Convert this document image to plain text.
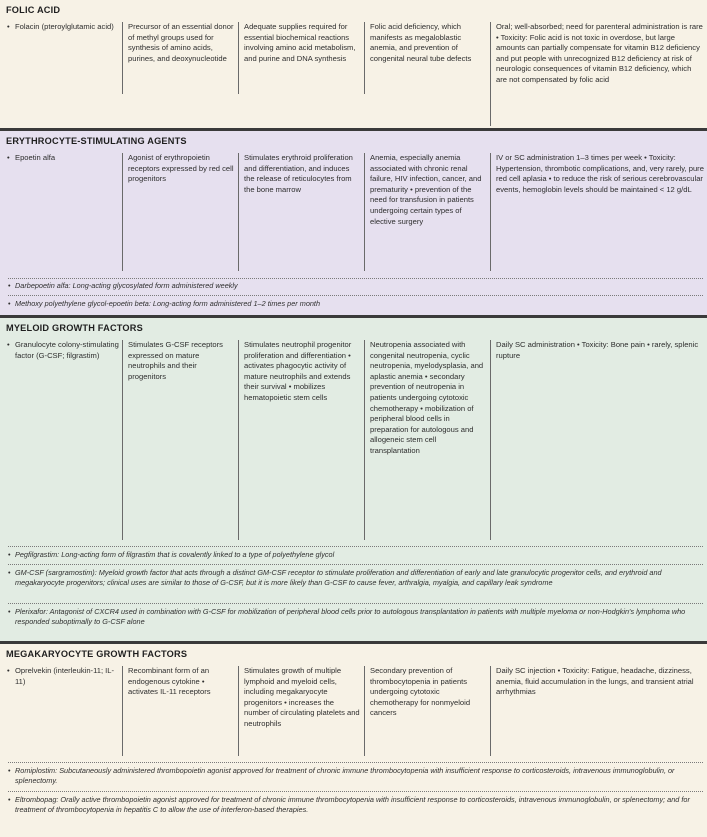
FOLIC ACID
• Folacin (pteroylglutamic acid)	Precursor of an essential donor of methyl groups used for synthesis of amino acids, purines, and deoxynucleotide
Adequate supplies required for essential biochemical reactions involving amino acid metabolism, and purine and DNA synthesis
Folic acid deficiency, which manifests as megaloblastic anemia, and prevention of congenital neural tube defects
Oral; well-absorbed; need for parenteral administration is rare • Toxicity: Folic acid is not toxic in overdose, but large amounts can partially compensate for vitamin B12 deficiency and put people with unrecognized B12 deficiency at risk of neurologic consequences of vitamin B12 deficiency, which are not compensated by folic acid
ERYTHROCYTE-STIMULATING AGENTS
• Epoetin alfa	Agonist of erythropoietin receptors expressed by red cell progenitors
Stimulates erythroid proliferation and differentiation, and induces the release of reticulocytes from the bone marrow
Anemia, especially anemia associated with chronic renal failure, HIV infection, cancer, and prematurity • prevention of the need for transfusion in patients undergoing certain types of elective surgery
IV or SC administration 1–3 times per week • Toxicity: Hypertension, thrombotic complications, and, very rarely, pure red cell aplasia • to reduce the risk of serious cerebrovascular events, hemoglobin levels should be maintained < 12 g/dL
• Darbepoetin alfa: Long-acting glycosylated form administered weekly
• Methoxy polyethylene glycol-epoetin beta: Long-acting form administered 1–2 times per month
MYELOID GROWTH FACTORS
• Granulocyte colony-stimulating factor (G-CSF; filgrastim)
Stimulates G-CSF receptors expressed on mature neutrophils and their progenitors
Stimulates neutrophil progenitor proliferation and differentiation • activates phagocytic activity of mature neutrophils and extends their survival • mobilizes hematopoietic stem cells
Neutropenia associated with congenital neutropenia, cyclic neutropenia, myelodysplasia, and aplastic anemia • secondary prevention of neutropenia in patients undergoing cytotoxic chemotherapy • mobilization of peripheral blood cells in preparation for autologous and allogeneic stem cell transplantation
Daily SC administration • Toxicity: Bone pain • rarely, splenic rupture
• Pegfilgrastim: Long-acting form of filgrastim that is covalently linked to a type of polyethylene glycol
• GM-CSF (sargramostim): Myeloid growth factor that acts through a distinct GM-CSF receptor to stimulate proliferation and differentiation of early and late granulocytic progenitor cells, and erythroid and megakaryocyte progenitors; clinical uses are similar to those of G-CSF, but it is more likely than G-CSF to cause fever, arthralgia, myalgia, and capillary leak syndrome
• Plerixafor: Antagonist of CXCR4 used in combination with G-CSF for mobilization of peripheral blood cells prior to autologous transplantation in patients with multiple myeloma or non-Hodgkin's lymphoma who responded suboptimally to G-CSF alone
MEGAKARYOCYTE GROWTH FACTORS
• Oprelvekin (interleukin-11; IL-11)
Recombinant form of an endogenous cytokine • activates IL-11 receptors
Stimulates growth of multiple lymphoid and myeloid cells, including megakaryocyte progenitors • increases the number of circulating platelets and neutrophils
Secondary prevention of thrombocytopenia in patients undergoing cytotoxic chemotherapy for nonmyeloid cancers
Daily SC injection • Toxicity: Fatigue, headache, dizziness, anemia, fluid accumulation in the lungs, and transient atrial arrhythmias
• Romiplostim: Subcutaneously administered thrombopoietin agonist approved for treatment of chronic immune thrombocytopenia with insufficient response to corticosteroids, intravenous immunoglobulin, or splenectomy.
• Eltrombopag: Orally active thrombopoietin agonist approved for treatment of chronic immune thrombocytopenia with insufficient response to corticosteroids, intravenous immunoglobulin, or splenectomy; and for treatment of thrombocytopenia in hepatitis C to allow the use of interferon-based therapies.
